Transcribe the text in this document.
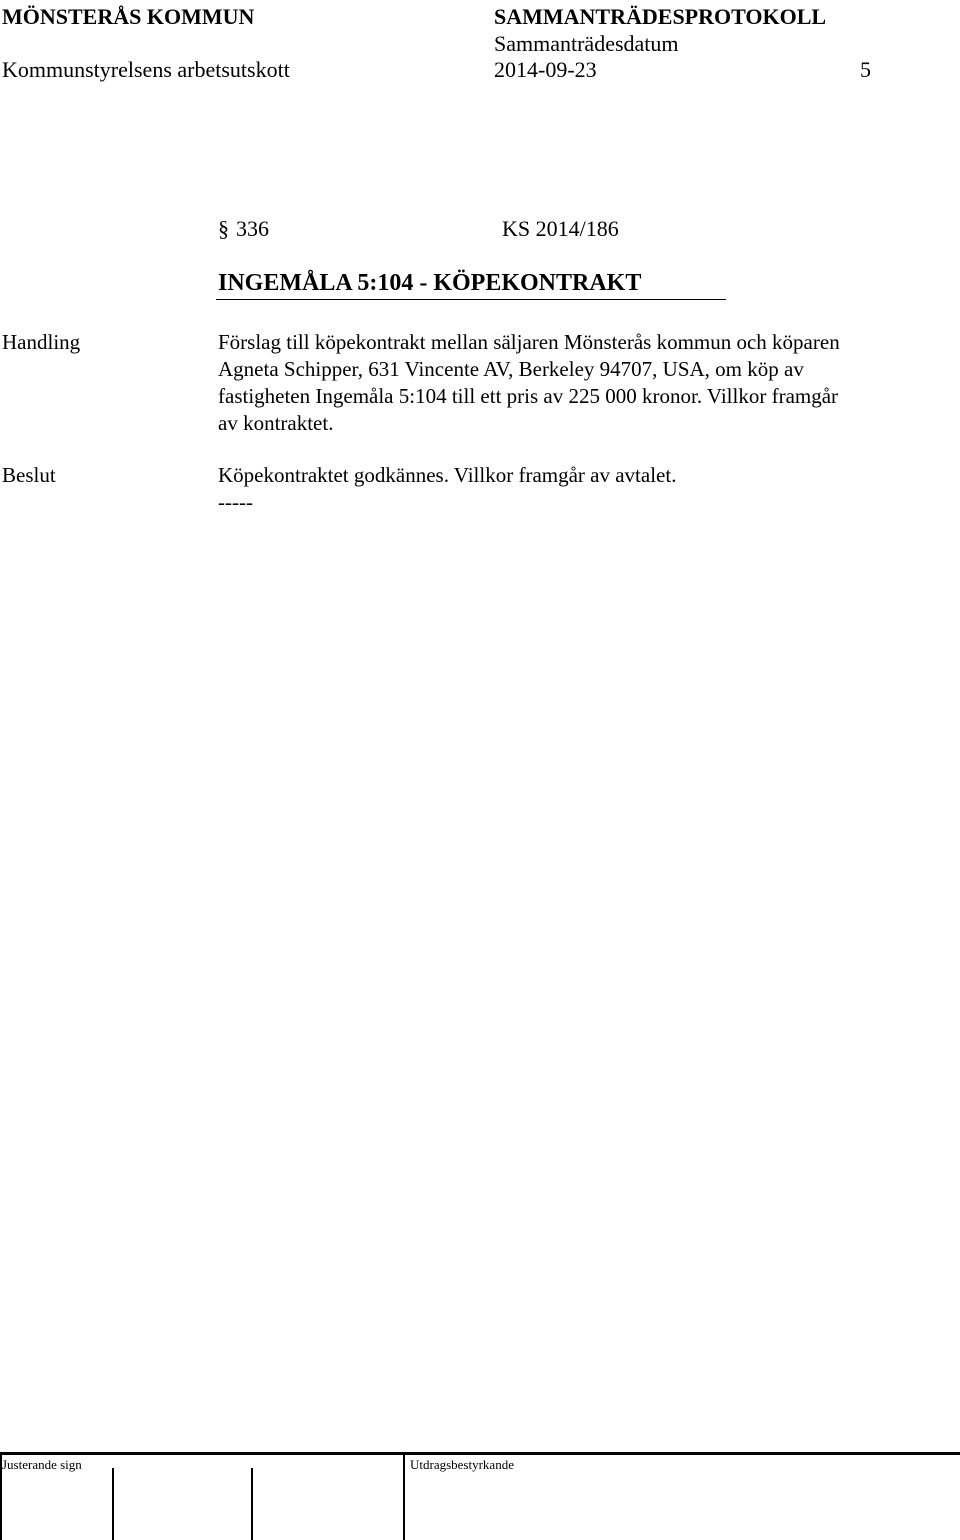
MÖNSTERÅS KOMMUN	SAMMANTRÄDESPROTOKOLL
Sammanträdesdatum
Kommunstyrelsens arbetsutskott	2014-09-23	5
§ 336	KS 2014/186
INGEMÅLA 5:104 - KÖPEKONTRAKT
Handling	Förslag till köpekontrakt mellan säljaren Mönsterås kommun och köparen
Agneta Schipper, 631 Vincente AV, Berkeley 94707, USA, om köp av
fastigheten Ingemåla 5:104 till ett pris av 225 000 kronor. Villkor framgår
av kontraktet.
Beslut	Köpekontraktet godkännes. Villkor framgår av avtalet.
-----
Justerande sign	Utdragsbestyrkande
